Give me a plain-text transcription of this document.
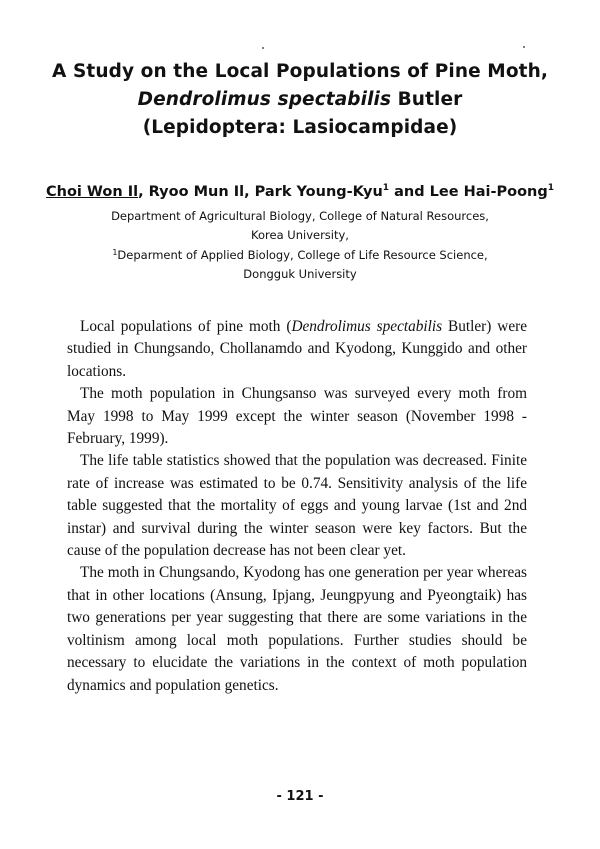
A Study on the Local Populations of Pine Moth,
Dendrolimus spectabilis Butler
(Lepidoptera: Lasiocampidae)
Choi Won Il, Ryoo Mun Il, Park Young-Kyu$^1$ and Lee Hai-Poong$^1$
Department of Agricultural Biology, College of Natural Resources,
Korea University,
$^1$Deparment of Applied Biology, College of Life Resource Science,
Dongguk University

Local populations of pine moth (Dendrolimus spectabilis Butler) were studied in Chungsando, Chollanamdo and Kyodong, Kunggido and other locations.

The moth population in Chungsanso was surveyed every moth from May 1998 to May 1999 except the winter season (November 1998 - February, 1999).

The life table statistics showed that the population was decreased. Finite rate of increase was estimated to be 0.74. Sensitivity analysis of the life table suggested that the mortality of eggs and young larvae (1st and 2nd instar) and survival during the winter season were key factors. But the cause of the population decrease has not been clear yet.

The moth in Chungsando, Kyodong has one generation per year whereas that in other locations (Ansung, Ipjang, Jeungpyung and Pyeongtaik) has two generations per year suggesting that there are some variations in the voltinism among local moth populations. Further studies should be necessary to elucidate the variations in the context of moth population dynamics and population genetics.

- 121 -
